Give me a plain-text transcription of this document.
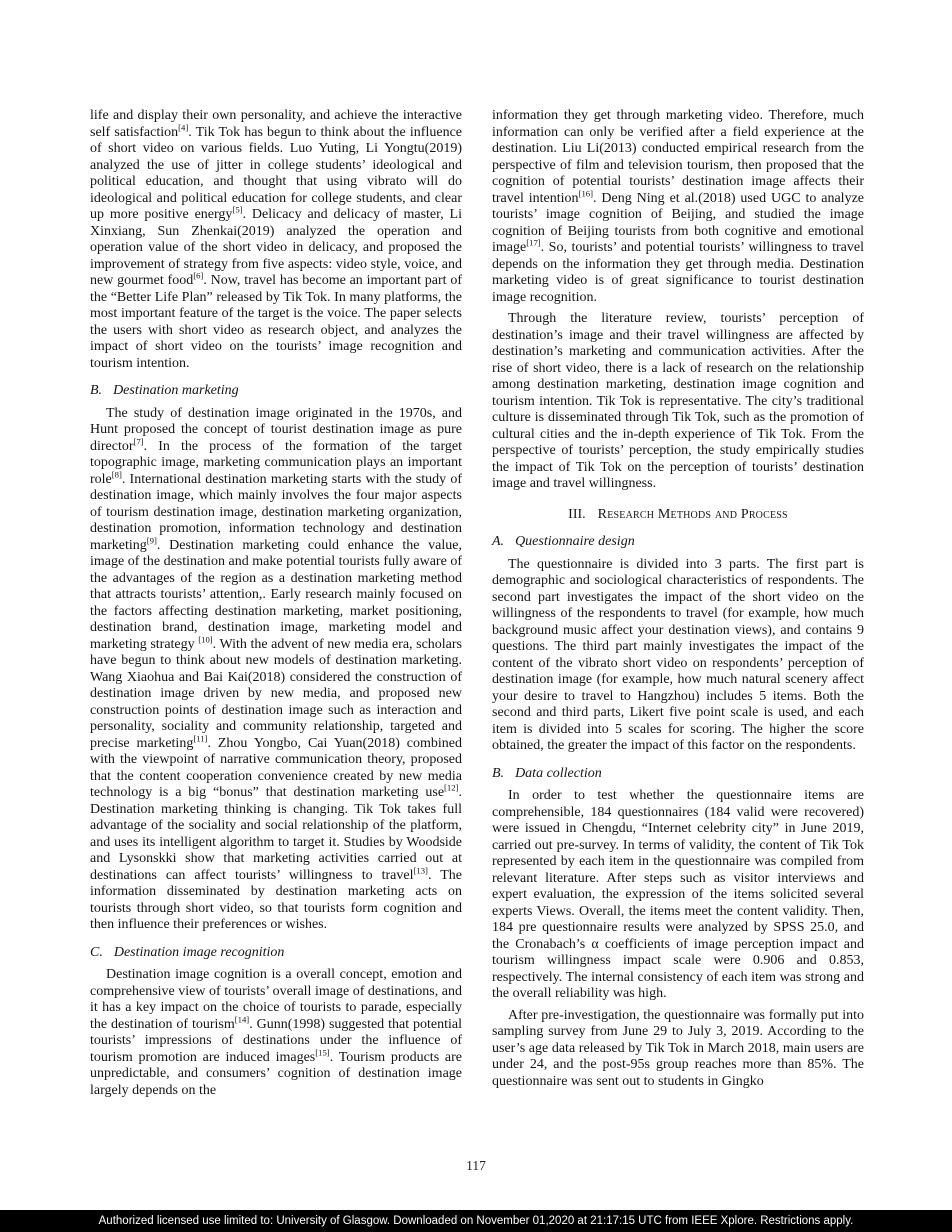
life and display their own personality, and achieve the interactive self satisfaction[4]. Tik Tok has begun to think about the influence of short video on various fields. Luo Yuting, Li Yongtu(2019) analyzed the use of jitter in college students’ ideological and political education, and thought that using vibrato will do ideological and political education for college students, and clear up more positive energy[5]. Delicacy and delicacy of master, Li Xinxiang, Sun Zhenkai(2019) analyzed the operation and operation value of the short video in delicacy, and proposed the improvement of strategy from five aspects: video style, voice, and new gourmet food[6]. Now, travel has become an important part of the “Better Life Plan” released by Tik Tok. In many platforms, the most important feature of the target is the voice. The paper selects the users with short video as research object, and analyzes the impact of short video on the tourists’ image recognition and tourism intention.

B. Destination marketing

The study of destination image originated in the 1970s, and Hunt proposed the concept of tourist destination image as pure director[7]. In the process of the formation of the target topographic image, marketing communication plays an important role[8]. International destination marketing starts with the study of destination image, which mainly involves the four major aspects of tourism destination image, destination marketing organization, destination promotion, information technology and destination marketing[9]. Destination marketing could enhance the value, image of the destination and make potential tourists fully aware of the advantages of the region as a destination marketing method that attracts tourists’ attention,. Early research mainly focused on the factors affecting destination marketing, market positioning, destination brand, destination image, marketing model and marketing strategy [10]. With the advent of new media era, scholars have begun to think about new models of destination marketing. Wang Xiaohua and Bai Kai(2018) considered the construction of destination image driven by new media, and proposed new construction points of destination image such as interaction and personality, sociality and community relationship, targeted and precise marketing[11]. Zhou Yongbo, Cai Yuan(2018) combined with the viewpoint of narrative communication theory, proposed that the content cooperation convenience created by new media technology is a big “bonus” that destination marketing use[12]. Destination marketing thinking is changing. Tik Tok takes full advantage of the sociality and social relationship of the platform, and uses its intelligent algorithm to target it. Studies by Woodside and Lysonskki show that marketing activities carried out at destinations can affect tourists’ willingness to travel[13]. The information disseminated by destination marketing acts on tourists through short video, so that tourists form cognition and then influence their preferences or wishes.

C. Destination image recognition

Destination image cognition is a overall concept, emotion and comprehensive view of tourists’ overall image of destinations, and it has a key impact on the choice of tourists to parade, especially the destination of tourism[14]. Gunn(1998) suggested that potential tourists’ impressions of destinations under the influence of tourism promotion are induced images[15]. Tourism products are unpredictable, and consumers’ cognition of destination image largely depends on the

information they get through marketing video. Therefore, much information can only be verified after a field experience at the destination. Liu Li(2013) conducted empirical research from the perspective of film and television tourism, then proposed that the cognition of potential tourists’ destination image affects their travel intention[16]. Deng Ning et al.(2018) used UGC to analyze tourists’ image cognition of Beijing, and studied the image cognition of Beijing tourists from both cognitive and emotional image[17]. So, tourists’ and potential tourists’ willingness to travel depends on the information they get through media. Destination marketing video is of great significance to tourist destination image recognition.

Through the literature review, tourists’ perception of destination’s image and their travel willingness are affected by destination’s marketing and communication activities. After the rise of short video, there is a lack of research on the relationship among destination marketing, destination image cognition and tourism intention. Tik Tok is representative. The city’s traditional culture is disseminated through Tik Tok, such as the promotion of cultural cities and the in-depth experience of Tik Tok. From the perspective of tourists’ perception, the study empirically studies the impact of Tik Tok on the perception of tourists’ destination image and travel willingness.

III. Research Methods and Process
A. Questionnaire design

The questionnaire is divided into 3 parts. The first part is demographic and sociological characteristics of respondents. The second part investigates the impact of the short video on the willingness of the respondents to travel (for example, how much background music affect your destination views), and contains 9 questions. The third part mainly investigates the impact of the content of the vibrato short video on respondents’ perception of destination image (for example, how much natural scenery affect your desire to travel to Hangzhou) includes 5 items. Both the second and third parts, Likert five point scale is used, and each item is divided into 5 scales for scoring. The higher the score obtained, the greater the impact of this factor on the respondents.

B. Data collection

In order to test whether the questionnaire items are comprehensible, 184 questionnaires (184 valid were recovered) were issued in Chengdu, “Internet celebrity city” in June 2019, carried out pre-survey. In terms of validity, the content of Tik Tok represented by each item in the questionnaire was compiled from relevant literature. After steps such as visitor interviews and expert evaluation, the expression of the items solicited several experts Views. Overall, the items meet the content validity. Then, 184 pre questionnaire results were analyzed by SPSS 25.0, and the Cronabach’s α coefficients of image perception impact and tourism willingness impact scale were 0.906 and 0.853, respectively. The internal consistency of each item was strong and the overall reliability was high.

After pre-investigation, the questionnaire was formally put into sampling survey from June 29 to July 3, 2019. According to the user’s age data released by Tik Tok in March 2018, main users are under 24, and the post-95s group reaches more than 85%. The questionnaire was sent out to students in Gingko

117
Authorized licensed use limited to: University of Glasgow. Downloaded on November 01,2020 at 21:17:15 UTC from IEEE Xplore. Restrictions apply.
